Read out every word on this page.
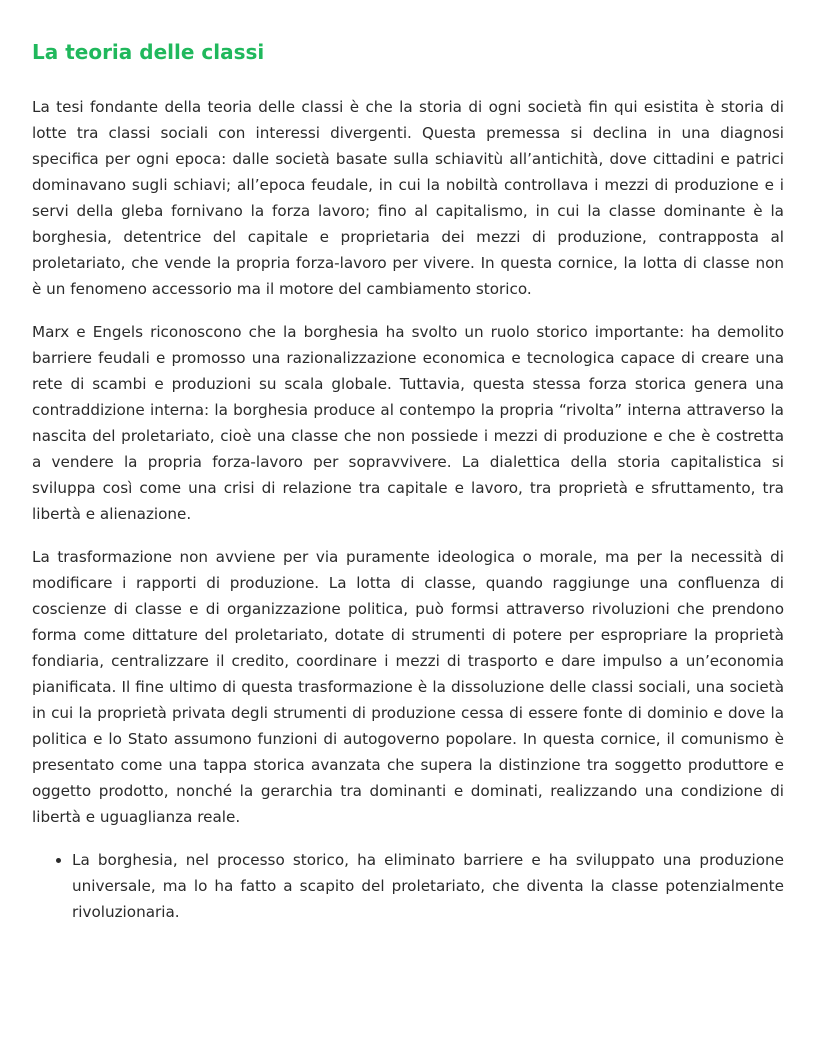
La teoria delle classi

La tesi fondante della teoria delle classi è che la storia di ogni società fin qui esistita è storia di lotte tra classi sociali con interessi divergenti. Questa premessa si declina in una diagnosi specifica per ogni epoca: dalle società basate sulla schiavitù all’antichità, dove cittadini e patrici dominavano sugli schiavi; all’epoca feudale, in cui la nobiltà controllava i mezzi di produzione e i servi della gleba fornivano la forza lavoro; fino al capitalismo, in cui la classe dominante è la borghesia, detentrice del capitale e proprietaria dei mezzi di produzione, contrapposta al proletariato, che vende la propria forza-lavoro per vivere. In questa cornice, la lotta di classe non è un fenomeno accessorio ma il motore del cambiamento storico.

Marx e Engels riconoscono che la borghesia ha svolto un ruolo storico importante: ha demolito barriere feudali e promosso una razionalizzazione economica e tecnologica capace di creare una rete di scambi e produzioni su scala globale. Tuttavia, questa stessa forza storica genera una contraddizione interna: la borghesia produce al contempo la propria “rivolta” interna attraverso la nascita del proletariato, cioè una classe che non possiede i mezzi di produzione e che è costretta a vendere la propria forza-lavoro per sopravvivere. La dialettica della storia capitalistica si sviluppa così come una crisi di relazione tra capitale e lavoro, tra proprietà e sfruttamento, tra libertà e alienazione.

La trasformazione non avviene per via puramente ideologica o morale, ma per la necessità di modificare i rapporti di produzione. La lotta di classe, quando raggiunge una confluenza di coscienze di classe e di organizzazione politica, può formsi attraverso rivoluzioni che prendono forma come dittature del proletariato, dotate di strumenti di potere per espropriare la proprietà fondiaria, centralizzare il credito, coordinare i mezzi di trasporto e dare impulso a un’economia pianificata. Il fine ultimo di questa trasformazione è la dissoluzione delle classi sociali, una società in cui la proprietà privata degli strumenti di produzione cessa di essere fonte di dominio e dove la politica e lo Stato assumono funzioni di autogoverno popolare. In questa cornice, il comunismo è presentato come una tappa storica avanzata che supera la distinzione tra soggetto produttore e oggetto prodotto, nonché la gerarchia tra dominanti e dominati, realizzando una condizione di libertà e uguaglianza reale.

• La borghesia, nel processo storico, ha eliminato barriere e ha sviluppato una produzione universale, ma lo ha fatto a scapito del proletariato, che diventa la classe potenzialmente rivoluzionaria.
